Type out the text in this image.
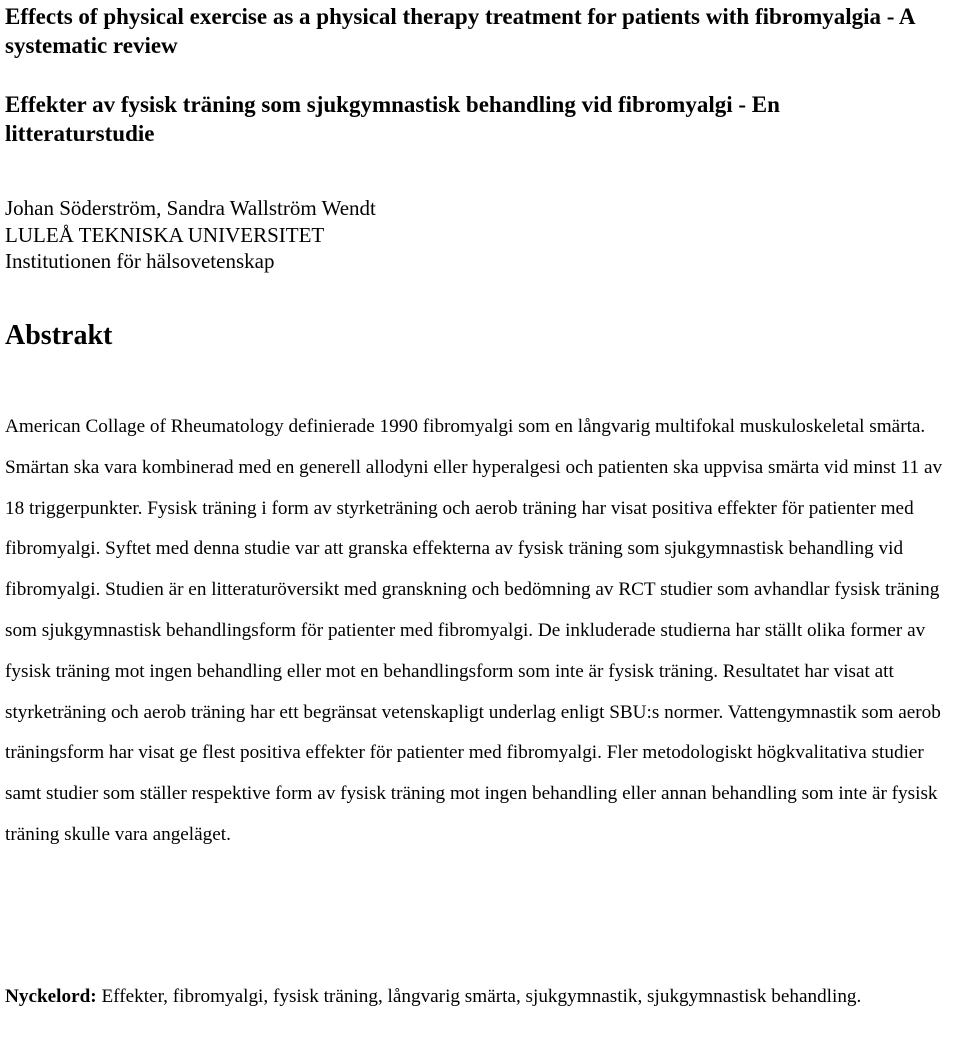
Effects of physical exercise as a physical therapy treatment for patients with fibromyalgia - A systematic review
Effekter av fysisk träning som sjukgymnastisk behandling vid fibromyalgi - En litteraturstudie
Johan Söderström, Sandra Wallström Wendt
LULEÅ TEKNISKA UNIVERSITET
Institutionen för hälsovetenskap
Abstrakt

American Collage of Rheumatology definierade 1990 fibromyalgi som en långvarig multifokal muskuloskeletal smärta. Smärtan ska vara kombinerad med en generell allodyni eller hyperalgesi och patienten ska uppvisa smärta vid minst 11 av 18 triggerpunkter. Fysisk träning i form av styrketräning och aerob träning har visat positiva effekter för patienter med fibromyalgi. Syftet med denna studie var att granska effekterna av fysisk träning som sjukgymnastisk behandling vid fibromyalgi. Studien är en litteraturöversikt med granskning och bedömning av RCT studier som avhandlar fysisk träning som sjukgymnastisk behandlingsform för patienter med fibromyalgi. De inkluderade studierna har ställt olika former av fysisk träning mot ingen behandling eller mot en behandlingsform som inte är fysisk träning. Resultatet har visat att styrketräning och aerob träning har ett begränsat vetenskapligt underlag enligt SBU:s normer. Vattengymnastik som aerob träningsform har visat ge flest positiva effekter för patienter med fibromyalgi. Fler metodologiskt högkvalitativa studier samt studier som ställer respektive form av fysisk träning mot ingen behandling eller annan behandling som inte är fysisk träning skulle vara angeläget.

Nyckelord: Effekter, fibromyalgi, fysisk träning, långvarig smärta, sjukgymnastik, sjukgymnastisk behandling.
